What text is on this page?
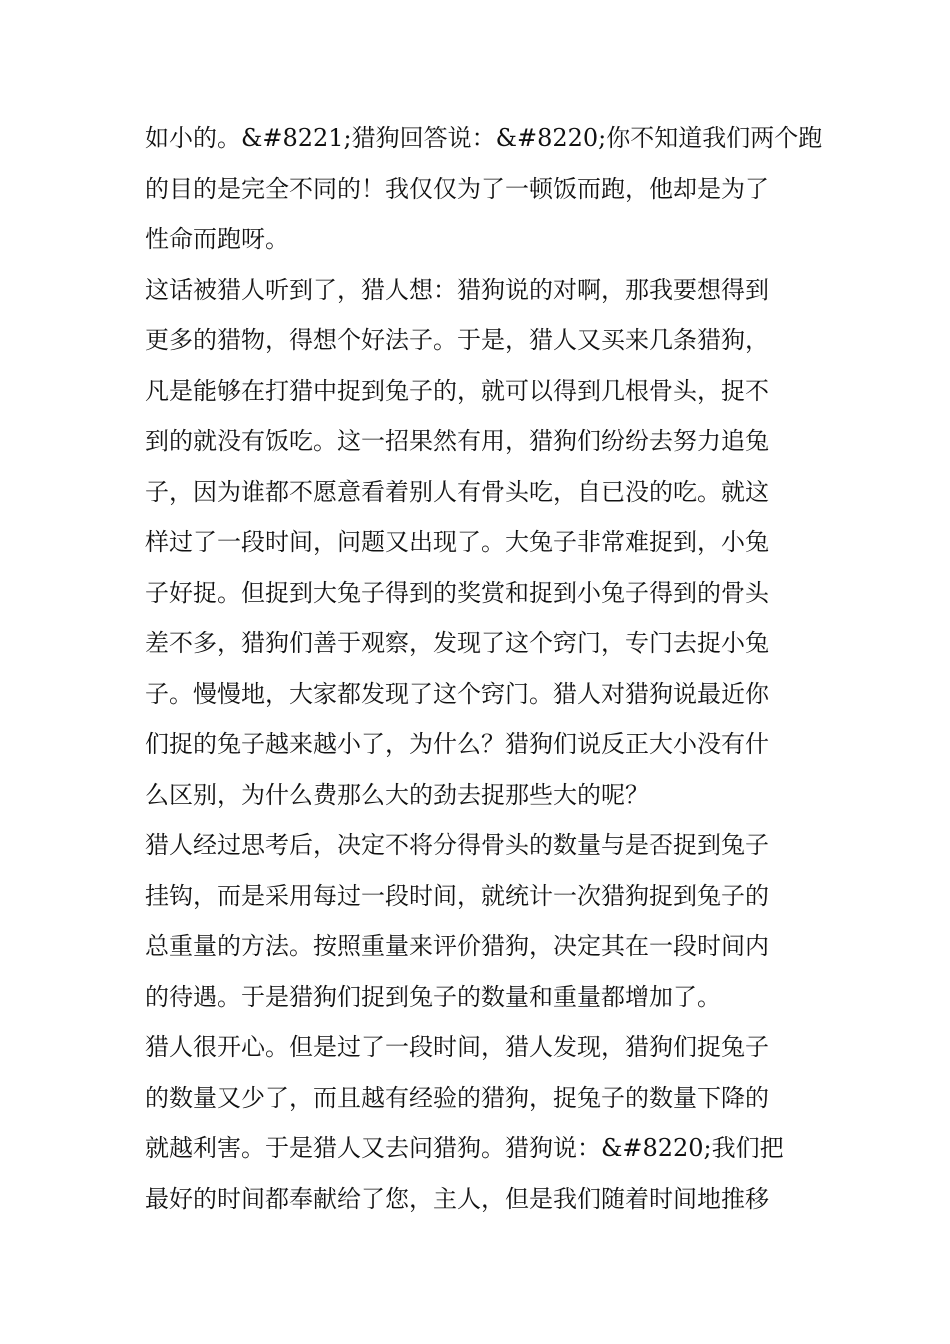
如小的。&#8221;猎狗回答说：&#8220;你不知道我们两个跑

的目的是完全不同的！我仅仅为了一顿饭而跑，他却是为了

性命而跑呀。

这话被猎人听到了，猎人想：猎狗说的对啊，那我要想得到

更多的猎物，得想个好法子。于是，猎人又买来几条猎狗，

凡是能够在打猎中捉到兔子的，就可以得到几根骨头，捉不

到的就没有饭吃。这一招果然有用，猎狗们纷纷去努力追兔

子，因为谁都不愿意看着别人有骨头吃，自已没的吃。就这

样过了一段时间，问题又出现了。大兔子非常难捉到，小兔

子好捉。但捉到大兔子得到的奖赏和捉到小兔子得到的骨头

差不多，猎狗们善于观察，发现了这个窍门，专门去捉小兔

子。慢慢地，大家都发现了这个窍门。猎人对猎狗说最近你

们捉的兔子越来越小了，为什么？猎狗们说反正大小没有什

么区别，为什么费那么大的劲去捉那些大的呢？

猎人经过思考后，决定不将分得骨头的数量与是否捉到兔子

挂钩，而是采用每过一段时间，就统计一次猎狗捉到兔子的

总重量的方法。按照重量来评价猎狗，决定其在一段时间内

的待遇。于是猎狗们捉到兔子的数量和重量都增加了。

猎人很开心。但是过了一段时间，猎人发现，猎狗们捉兔子

的数量又少了，而且越有经验的猎狗，捉兔子的数量下降的

就越利害。于是猎人又去问猎狗。猎狗说：&#8220;我们把

最好的时间都奉献给了您，主人，但是我们随着时间地推移
